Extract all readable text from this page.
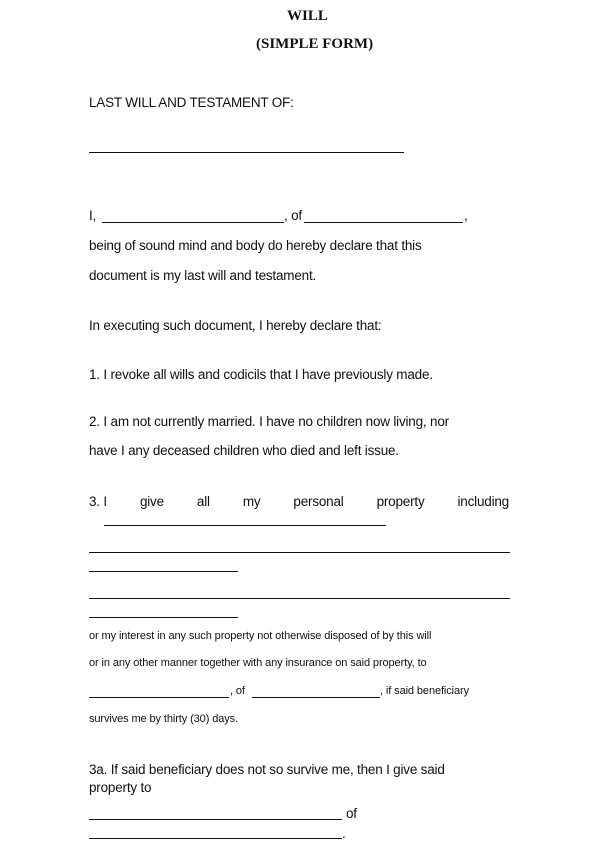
WILL
(SIMPLE FORM)
LAST WILL AND TESTAMENT OF:
I,	, of	,
being of sound mind and body do hereby declare that this
document is my last will and testament.
In executing such document, I hereby declare that:
1. I revoke all wills and codicils that I have previously made.
2. I am not currently married. I have no children now living, nor
have I any deceased children who died and left issue.
3. I give all my personal property including
or my interest in any such property not otherwise disposed of by this will
or in any other manner together with any insurance on said property, to
, of	, if said beneficiary
survives me by thirty (30) days.
3a. If said beneficiary does not so survive me, then I give said
property to
of
.
